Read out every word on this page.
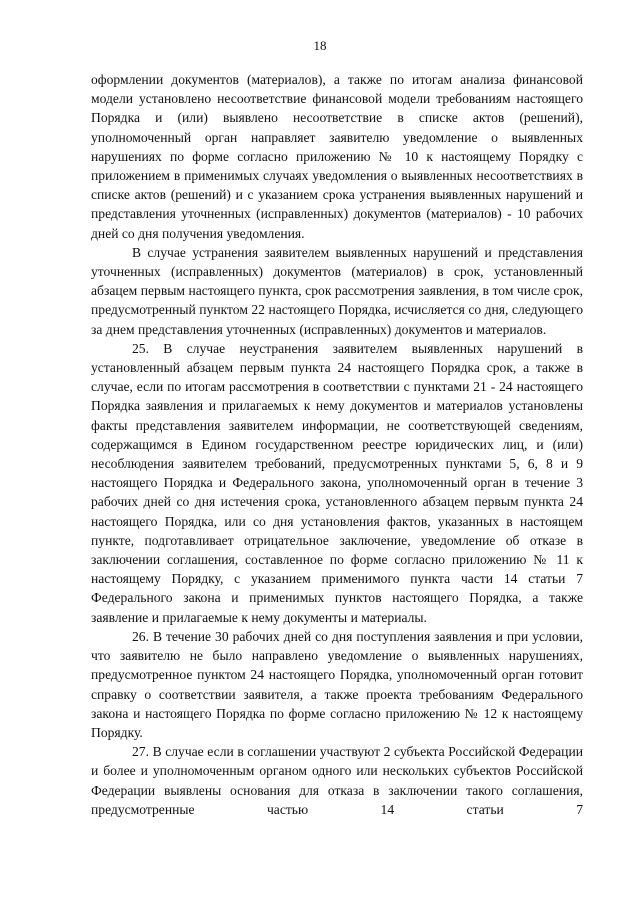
18

оформлении документов (материалов), а также по итогам анализа финансовой модели установлено несоответствие финансовой модели требованиям настоящего Порядка и (или) выявлено несоответствие в списке актов (решений), уполномоченный орган направляет заявителю уведомление о выявленных нарушениях по форме согласно приложению № 10 к настоящему Порядку с приложением в применимых случаях уведомления о выявленных несоответствиях в списке актов (решений) и с указанием срока устранения выявленных нарушений и представления уточненных (исправленных) документов (материалов) - 10 рабочих дней со дня получения уведомления.

В случае устранения заявителем выявленных нарушений и представления уточненных (исправленных) документов (материалов) в срок, установленный абзацем первым настоящего пункта, срок рассмотрения заявления, в том числе срок, предусмотренный пунктом 22 настоящего Порядка, исчисляется со дня, следующего за днем представления уточненных (исправленных) документов и материалов.

25. В случае неустранения заявителем выявленных нарушений в установленный абзацем первым пункта 24 настоящего Порядка срок, а также в случае, если по итогам рассмотрения в соответствии с пунктами 21 - 24 настоящего Порядка заявления и прилагаемых к нему документов и материалов установлены факты представления заявителем информации, не соответствующей сведениям, содержащимся в Едином государственном реестре юридических лиц, и (или) несоблюдения заявителем требований, предусмотренных пунктами 5, 6, 8 и 9 настоящего Порядка и Федерального закона, уполномоченный орган в течение 3 рабочих дней со дня истечения срока, установленного абзацем первым пункта 24 настоящего Порядка, или со дня установления фактов, указанных в настоящем пункте, подготавливает отрицательное заключение, уведомление об отказе в заключении соглашения, составленное по форме согласно приложению № 11 к настоящему Порядку, с указанием применимого пункта части 14 статьи 7 Федерального закона и применимых пунктов настоящего Порядка, а также заявление и прилагаемые к нему документы и материалы.

26. В течение 30 рабочих дней со дня поступления заявления и при условии, что заявителю не было направлено уведомление о выявленных нарушениях, предусмотренное пунктом 24 настоящего Порядка, уполномоченный орган готовит справку о соответствии заявителя, а также проекта требованиям Федерального закона и настоящего Порядка по форме согласно приложению № 12 к настоящему Порядку.

27. В случае если в соглашении участвуют 2 субъекта Российской Федерации и более и уполномоченным органом одного или нескольких субъектов Российской Федерации выявлены основания для отказа в заключении такого соглашения, предусмотренные частью 14 статьи 7
